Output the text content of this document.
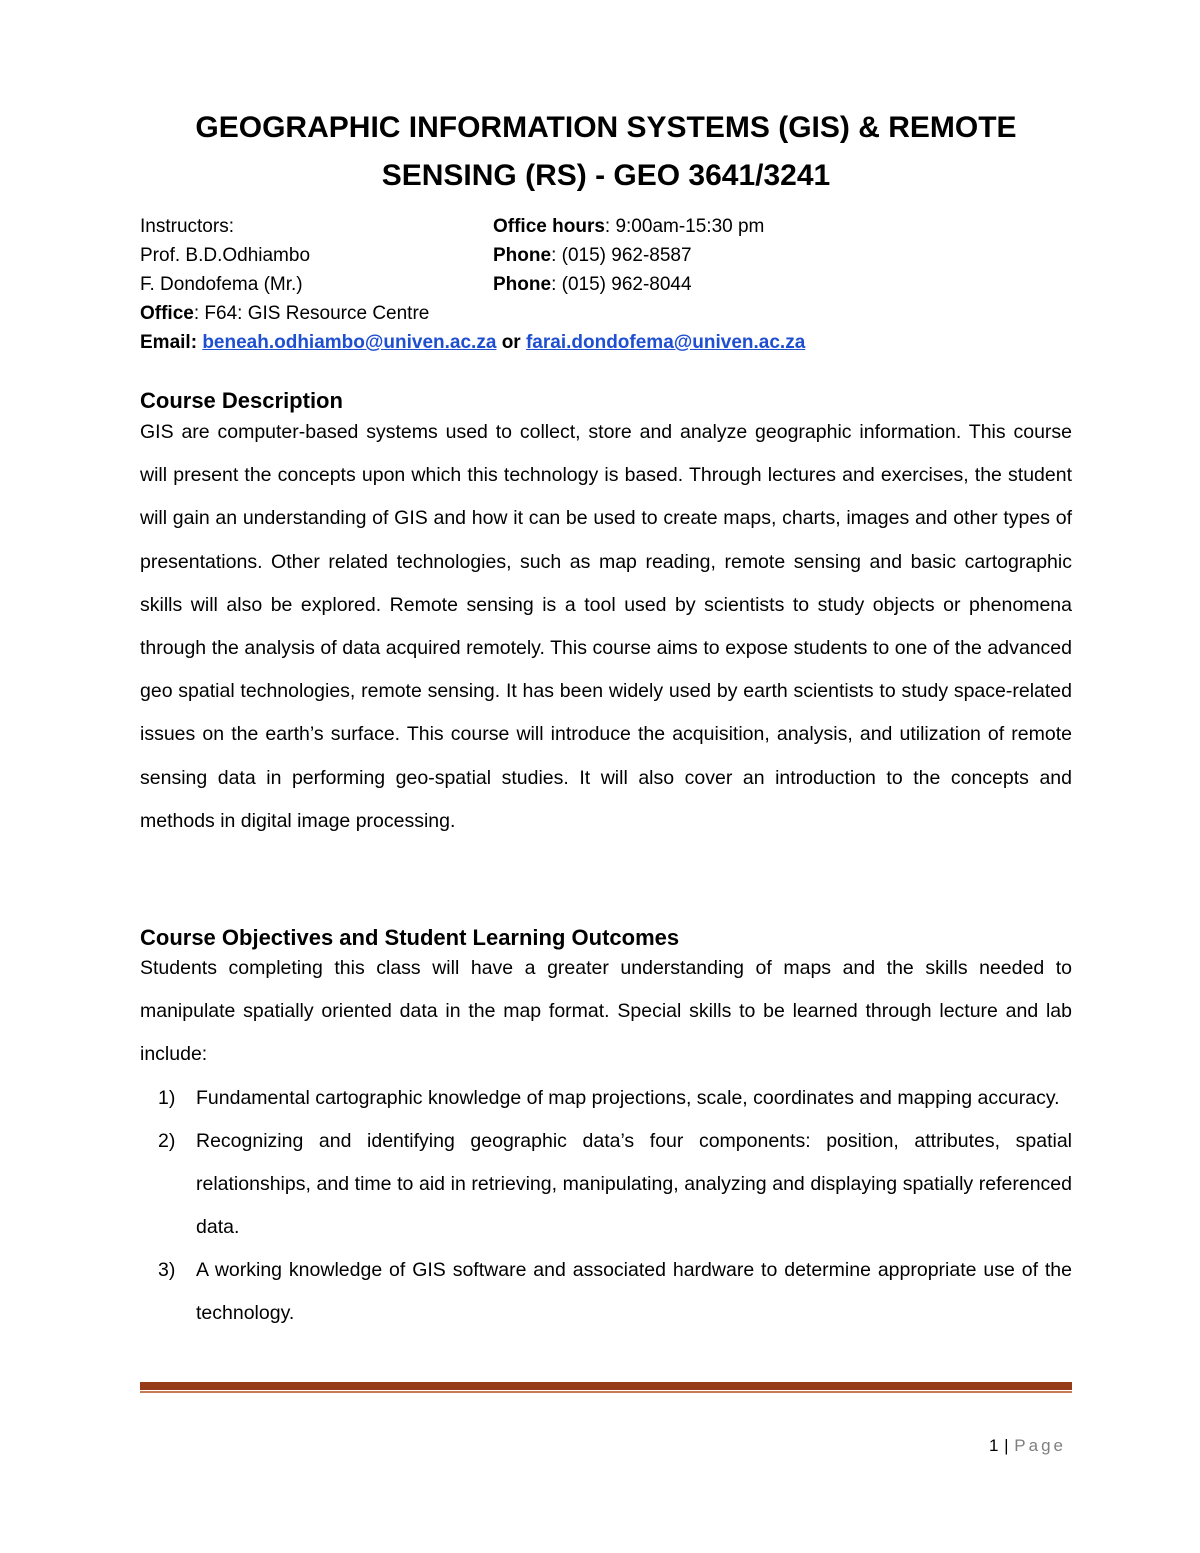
GEOGRAPHIC INFORMATION SYSTEMS (GIS) & REMOTE
SENSING (RS) - GEO 3641/3241
Instructors:	Office hours: 9:00am-15:30 pm
Prof. B.D.Odhiambo	Phone: (015) 962-8587
F. Dondofema (Mr.)	Phone: (015) 962-8044
Office: F64: GIS Resource Centre
Email: beneah.odhiambo@univen.ac.za or farai.dondofema@univen.ac.za
Course Description

GIS are computer-based systems used to collect, store and analyze geographic information. This course will present the concepts upon which this technology is based. Through lectures and exercises, the student will gain an understanding of GIS and how it can be used to create maps, charts, images and other types of presentations. Other related technologies, such as map reading, remote sensing and basic cartographic skills will also be explored. Remote sensing is a tool used by scientists to study objects or phenomena through the analysis of data acquired remotely. This course aims to expose students to one of the advanced geo spatial technologies, remote sensing. It has been widely used by earth scientists to study space-related issues on the earth’s surface. This course will introduce the acquisition, analysis, and utilization of remote sensing data in performing geo-spatial studies. It will also cover an introduction to the concepts and methods in digital image processing.

Course Objectives and Student Learning Outcomes

Students completing this class will have a greater understanding of maps and the skills needed to manipulate spatially oriented data in the map format. Special skills to be learned through lecture and lab include:

1) Fundamental cartographic knowledge of map projections, scale, coordinates and mapping accuracy.
2) Recognizing and identifying geographic data’s four components: position, attributes, spatial relationships, and time to aid in retrieving, manipulating, analyzing and displaying spatially referenced data.
3) A working knowledge of GIS software and associated hardware to determine appropriate use of the technology.
1 | Page
